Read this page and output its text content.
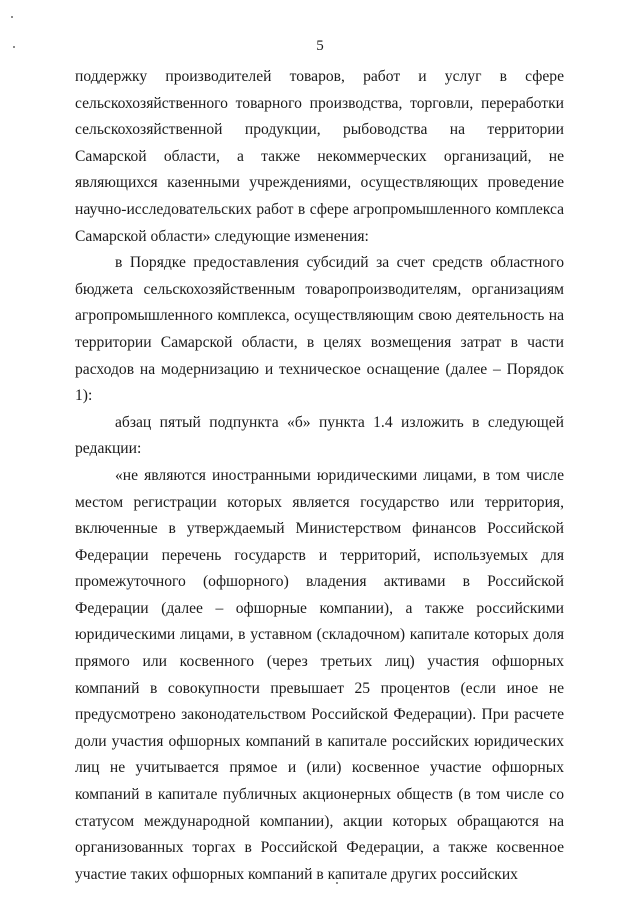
5

поддержку производителей товаров, работ и услуг в сфере сельскохозяйственного товарного производства, торговли, переработки сельскохозяйственной продукции, рыбоводства на территории Самарской области, а также некоммерческих организаций, не являющихся казенными учреждениями, осуществляющих проведение научно-исследовательских работ в сфере агропромышленного комплекса Самарской области» следующие изменения:

в Порядке предоставления субсидий за счет средств областного бюджета сельскохозяйственным товаропроизводителям, организациям агропромышленного комплекса, осуществляющим свою деятельность на территории Самарской области, в целях возмещения затрат в части расходов на модернизацию и техническое оснащение (далее – Порядок 1):

абзац пятый подпункта «б» пункта 1.4 изложить в следующей редакции:

«не являются иностранными юридическими лицами, в том числе местом регистрации которых является государство или территория, включенные в утверждаемый Министерством финансов Российской Федерации перечень государств и территорий, используемых для промежуточного (офшорного) владения активами в Российской Федерации (далее – офшорные компании), а также российскими юридическими лицами, в уставном (складочном) капитале которых доля прямого или косвенного (через третьих лиц) участия офшорных компаний в совокупности превышает 25 процентов (если иное не предусмотрено законодательством Российской Федерации). При расчете доли участия офшорных компаний в капитале российских юридических лиц не учитывается прямое и (или) косвенное участие офшорных компаний в капитале публичных акционерных обществ (в том числе со статусом международной компании), акции которых обращаются на организованных торгах в Российской Федерации, а также косвенное участие таких офшорных компаний в капитале других российских
